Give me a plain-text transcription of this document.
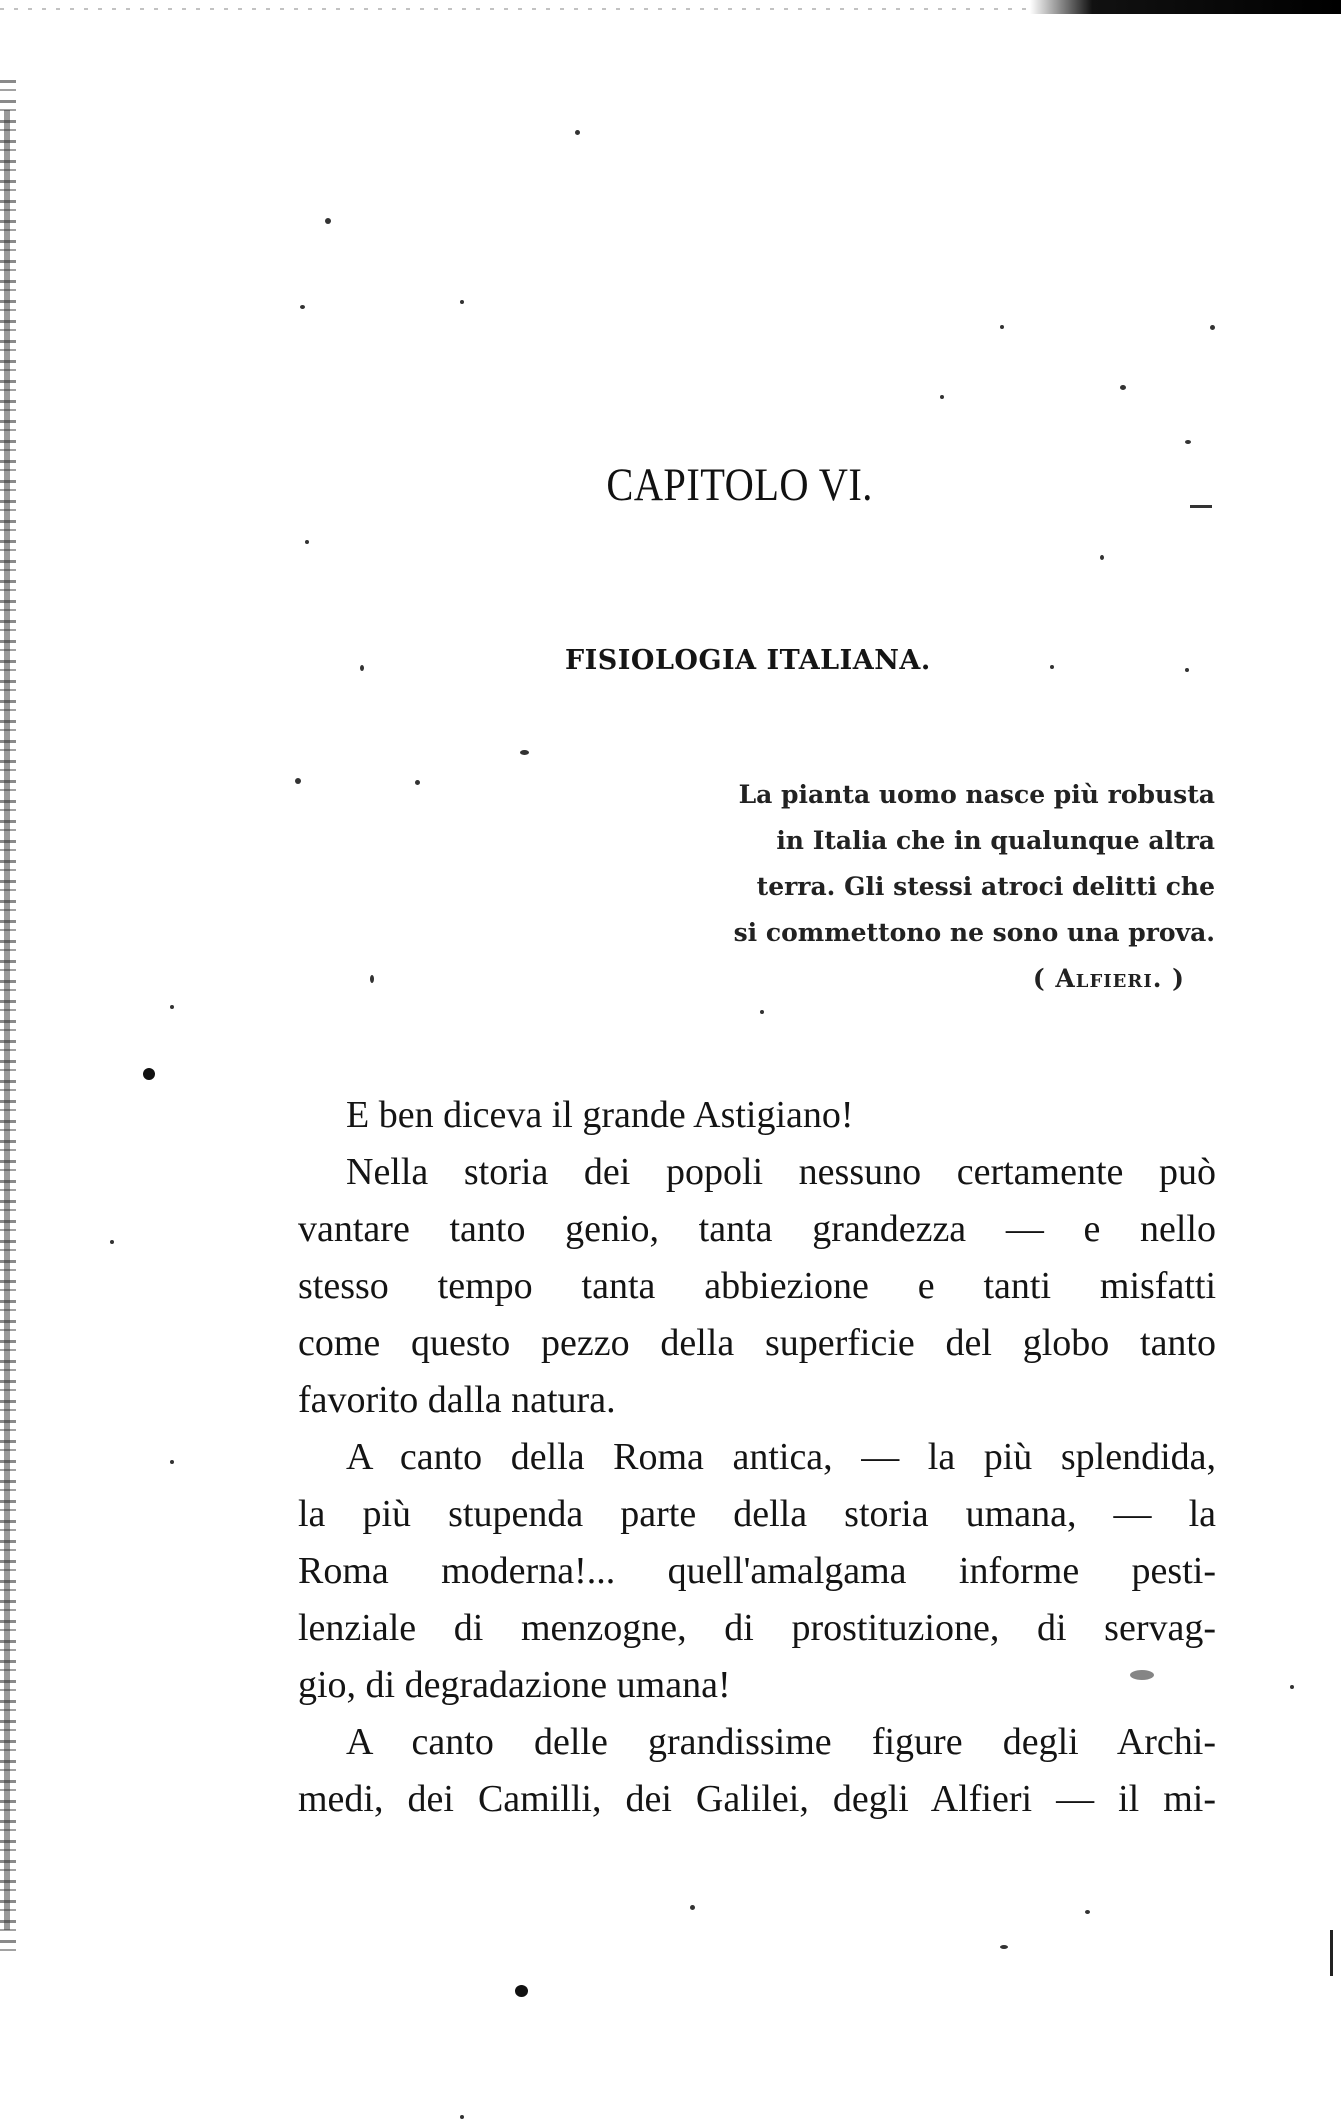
CAPITOLO VI.
FISIOLOGIA ITALIANA.
La pianta uomo nasce più robusta
in Italia che in qualunque altra
terra. Gli stessi atroci delitti che
si commettono ne sono una prova.
( Alfieri. )
E ben diceva il grande Astigiano!
Nella storia dei popoli nessuno certamente può
vantare tanto genio, tanta grandezza — e nello
stesso tempo tanta abbiezione e tanti misfatti
come questo pezzo della superficie del globo tanto
favorito dalla natura.
A canto della Roma antica, — la più splendida,
la più stupenda parte della storia umana, — la
Roma moderna!... quell'amalgama informe pesti-
lenziale di menzogne, di prostituzione, di servag-
gio, di degradazione umana!
A canto delle grandissime figure degli Archi-
medi, dei Camilli, dei Galilei, degli Alfieri — il mi-
